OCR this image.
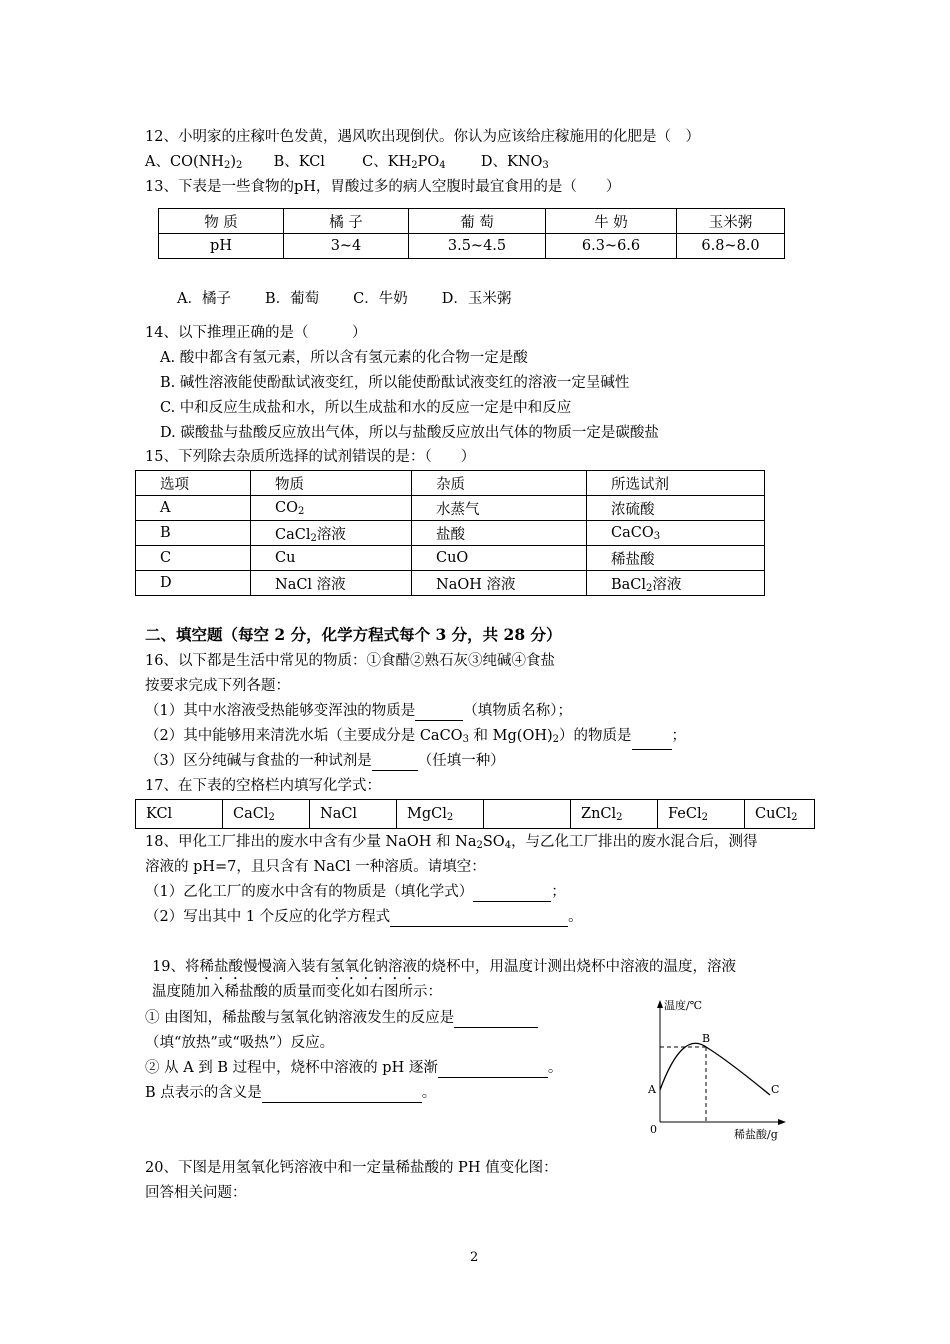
12、小明家的庄稼叶色发黄，遇风吹出现倒伏。你认为应该给庄稼施用的化肥是（　）
A、$CO(NH_2)_2$ B、KCl	C、$KH_2PO_4$ D、$KNO_3$
13、下表是一些食物的pH，胃酸过多的病人空腹时最宜食用的是（　　）
物 质	橘 子	葡 萄	牛 奶	玉米粥
pH	3~4	3.5~4.5	6.3~6.6	6.8~8.0
A．橘子 B．葡萄 C．牛奶 D．玉米粥
14、以下推理正确的是（　　　）
A. 酸中都含有氢元素，所以含有氢元素的化合物一定是酸
B. 碱性溶液能使酚酞试液变红，所以能使酚酞试液变红的溶液一定呈碱性
C. 中和反应生成盐和水，所以生成盐和水的反应一定是中和反应
D. 碳酸盐与盐酸反应放出气体，所以与盐酸反应放出气体的物质一定是碳酸盐
15、下列除去杂质所选择的试剂错误的是：（　　）
选项	物质	杂质	所选试剂
A	$CO_2$	水蒸气	浓硫酸
B	CaCl$_2$溶液	盐酸	CaCO$_3$
C	Cu	CuO	稀盐酸
D	NaCl 溶液	NaOH 溶液	BaCl$_2$溶液
二、填空题（每空 2 分，化学方程式每个 3 分，共 28 分）
16、以下都是生活中常见的物质：①食醋②熟石灰③纯碱④食盐
按要求完成下列各题：
（1）其中水溶液受热能够变浑浊的物质是	（填物质名称）；
（2）其中能够用来清洗水垢（主要成分是 CaCO$_3$ 和 $Mg(OH)_2$）的物质是	；
（3）区分纯碱与食盐的一种试剂是	（任填一种）
17、在下表的空格栏内填写化学式：
KCl	CaCl$_2$	NaCl	MgCl$_2$		ZnCl$_2$	FeCl$_2$	CuCl$_2$
18、甲化工厂排出的废水中含有少量 NaOH 和 $Na_2SO_4$，与乙化工厂排出的废水混合后，测得
溶液的 pH=7，且只含有 NaCl 一种溶质。请填空：
（1）乙化工厂的废水中含有的物质是（填化学式）	；
（2）写出其中 1 个反应的化学方程式	。
19、将稀盐酸慢慢滴入装有氢氧化钠溶液的烧杯中，用温度计测出烧杯中溶液的温度，溶液
温度随加入稀盐酸的质量而变化如右图所示：
① 由图知，稀盐酸与氢氧化钠溶液发生的反应是
（填“放热”或“吸热”）反应。
② 从 A 到 B 过程中，烧杯中溶液的 pH 逐渐	。
B 点表示的含义是	。
温度/℃
稀盐酸/g
0
A
B
C
20、下图是用氢氧化钙溶液中和一定量稀盐酸的 PH 值变化图：
回答相关问题：
2
